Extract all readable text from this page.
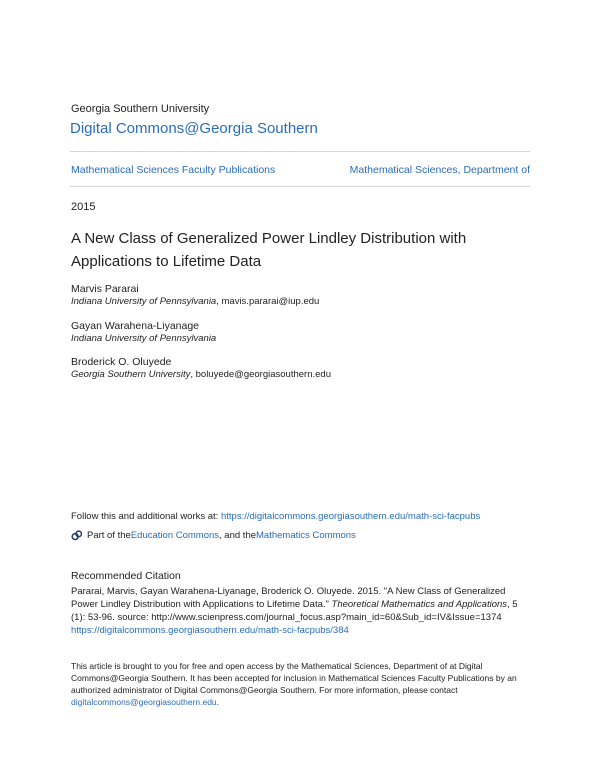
Georgia Southern University
Digital Commons@Georgia Southern
Mathematical Sciences Faculty Publications	Mathematical Sciences, Department of
2015
A New Class of Generalized Power Lindley Distribution with Applications to Lifetime Data
Marvis Pararai
Indiana University of Pennsylvania, mavis.pararai@iup.edu
Gayan Warahena-Liyanage
Indiana University of Pennsylvania
Broderick O. Oluyede
Georgia Southern University, boluyede@georgiasouthern.edu
Follow this and additional works at: https://digitalcommons.georgiasouthern.edu/math-sci-facpubs
Part of the Education Commons , and the Mathematics Commons
Recommended Citation
Pararai, Marvis, Gayan Warahena-Liyanage, Broderick O. Oluyede. 2015. "A New Class of Generalized Power Lindley Distribution with Applications to Lifetime Data." Theoretical Mathematics and Applications, 5 (1): 53-96. source: http://www.scienpress.com/journal_focus.asp?main_id=60&Sub_id=IV&Issue=1374
https://digitalcommons.georgiasouthern.edu/math-sci-facpubs/384
This article is brought to you for free and open access by the Mathematical Sciences, Department of at Digital Commons@Georgia Southern. It has been accepted for inclusion in Mathematical Sciences Faculty Publications by an authorized administrator of Digital Commons@Georgia Southern. For more information, please contact digitalcommons@georgiasouthern.edu.
